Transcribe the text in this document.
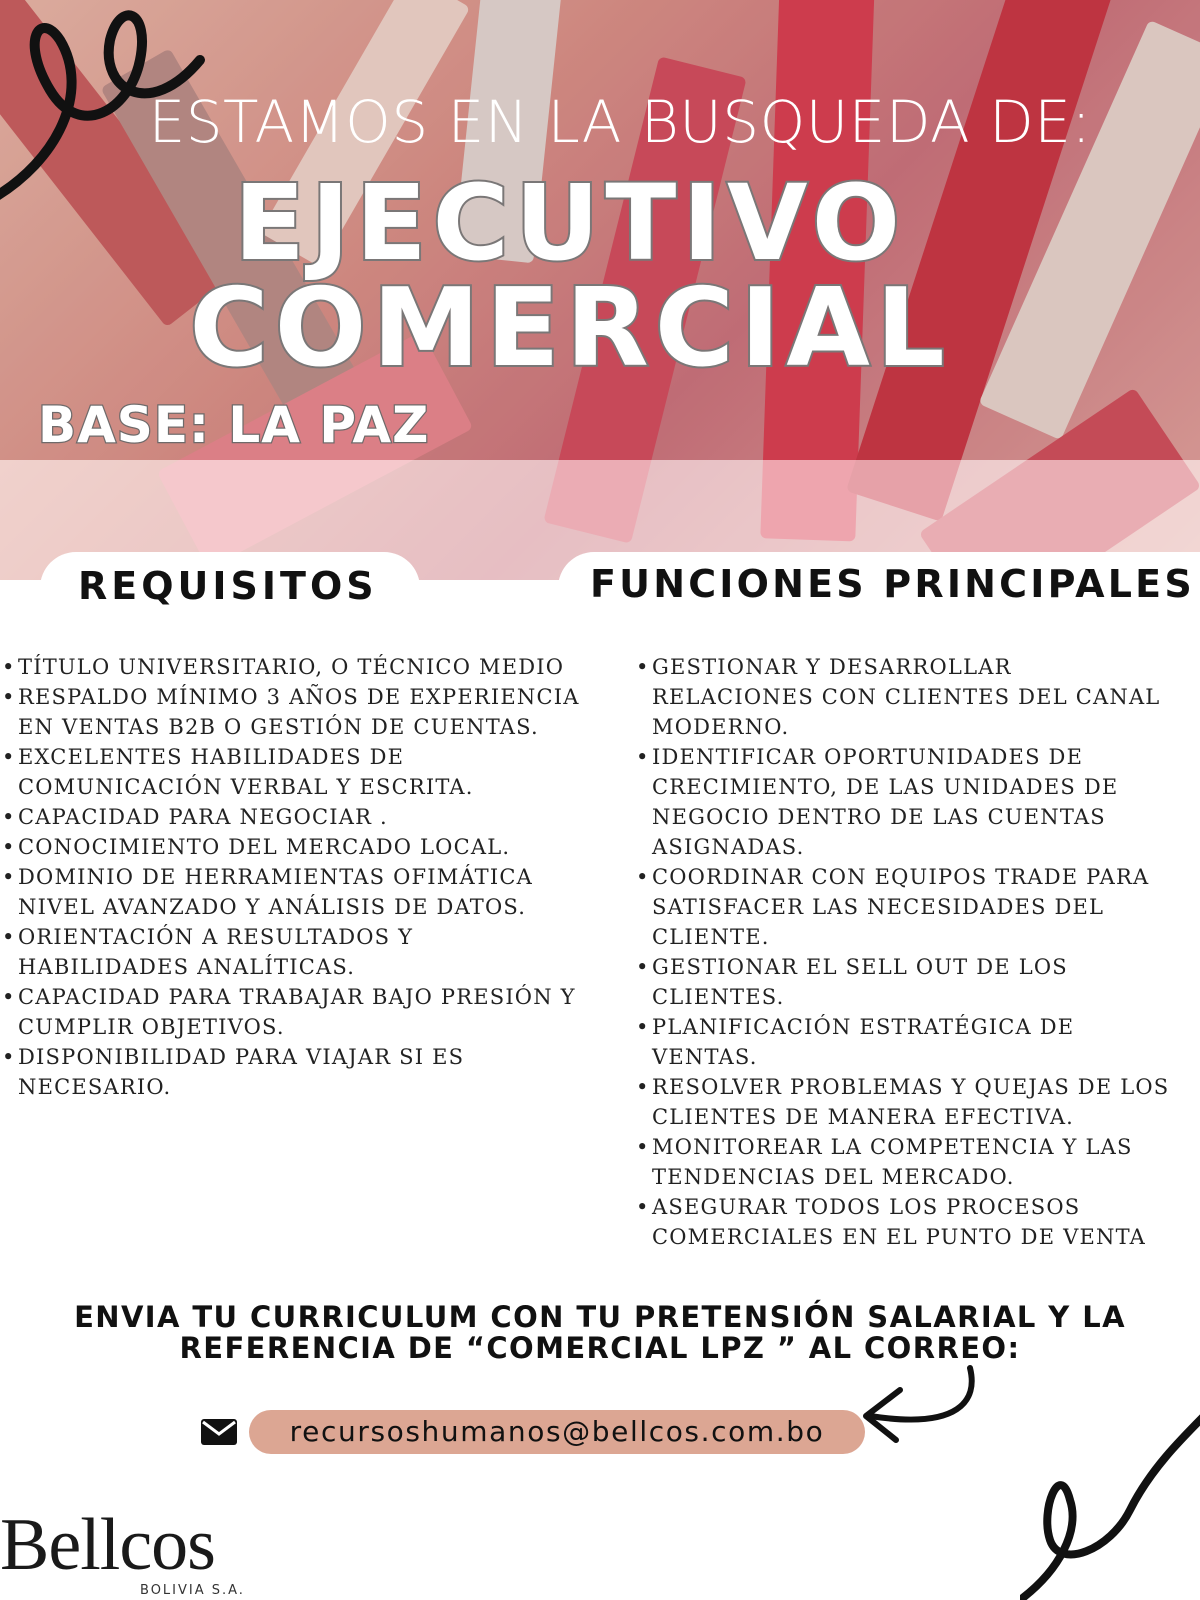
ESTAMOS EN LA BUSQUEDA DE:
EJECUTIVO
COMERCIAL
BASE: LA PAZ
REQUISITOS	FUNCIONES PRINCIPALES
• TÍTULO UNIVERSITARIO, O TÉCNICO MEDIO
• RESPALDO MÍNIMO 3 AÑOS DE EXPERIENCIA
EN VENTAS B2B O GESTIÓN DE CUENTAS.
• EXCELENTES HABILIDADES DE
COMUNICACIÓN VERBAL Y ESCRITA.
• CAPACIDAD PARA NEGOCIAR .
• CONOCIMIENTO DEL MERCADO LOCAL.
• DOMINIO DE HERRAMIENTAS OFIMÁTICA
NIVEL AVANZADO Y ANÁLISIS DE DATOS.
• ORIENTACIÓN A RESULTADOS Y
HABILIDADES ANALÍTICAS.
• CAPACIDAD PARA TRABAJAR BAJO PRESIÓN Y
CUMPLIR OBJETIVOS.
• DISPONIBILIDAD PARA VIAJAR SI ES
NECESARIO.
• GESTIONAR Y DESARROLLAR
RELACIONES CON CLIENTES DEL CANAL
MODERNO.
• IDENTIFICAR OPORTUNIDADES DE
CRECIMIENTO, DE LAS UNIDADES DE
NEGOCIO DENTRO DE LAS CUENTAS
ASIGNADAS.
• COORDINAR CON EQUIPOS TRADE PARA
SATISFACER LAS NECESIDADES DEL
CLIENTE.
• GESTIONAR EL SELL OUT DE LOS
CLIENTES.
• PLANIFICACIÓN ESTRATÉGICA DE
VENTAS.
• RESOLVER PROBLEMAS Y QUEJAS DE LOS
CLIENTES DE MANERA EFECTIVA.
• MONITOREAR LA COMPETENCIA Y LAS
TENDENCIAS DEL MERCADO.
• ASEGURAR TODOS LOS PROCESOS
COMERCIALES EN EL PUNTO DE VENTA
ENVIA TU CURRICULUM CON TU PRETENSIÓN SALARIAL Y LA
REFERENCIA DE “COMERCIAL LPZ ” AL CORREO:
recursoshumanos@bellcos.com.bo
Bellcos
BOLIVIA S.A.
